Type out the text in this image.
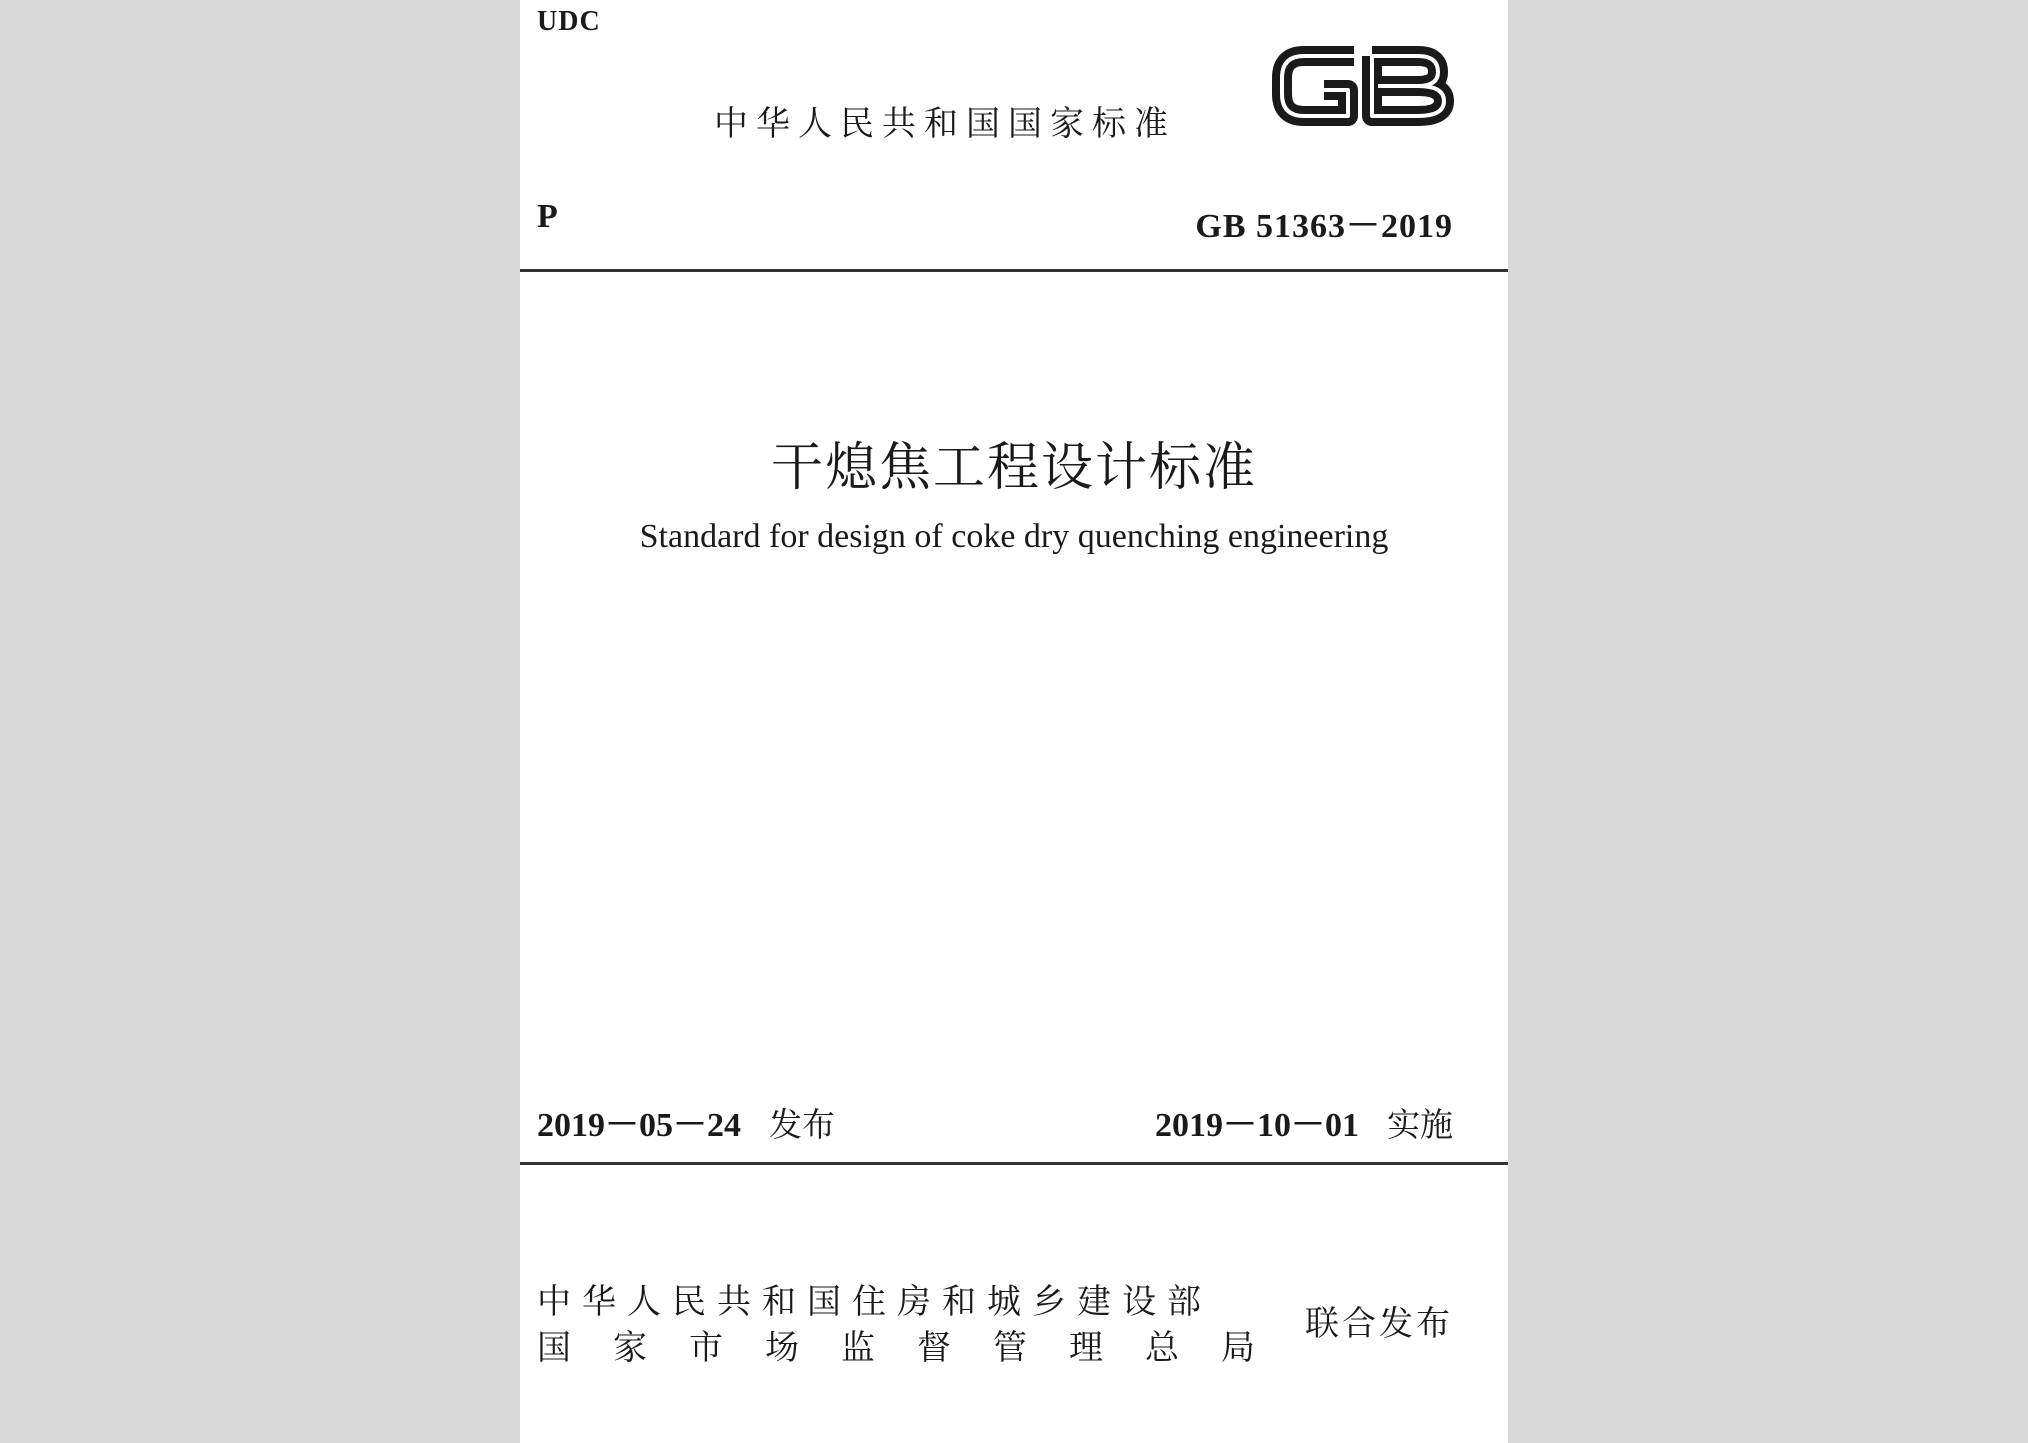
UDC
中华人民共和国国家标准
P	GB 51363－2019
干熄焦工程设计标准
Standard for design of coke dry quenching engineering
2019－05－24 发布	2019－10－01 实施
中华人民共和国住房和城乡建设部
国家市场监督管理总局
联合发布
